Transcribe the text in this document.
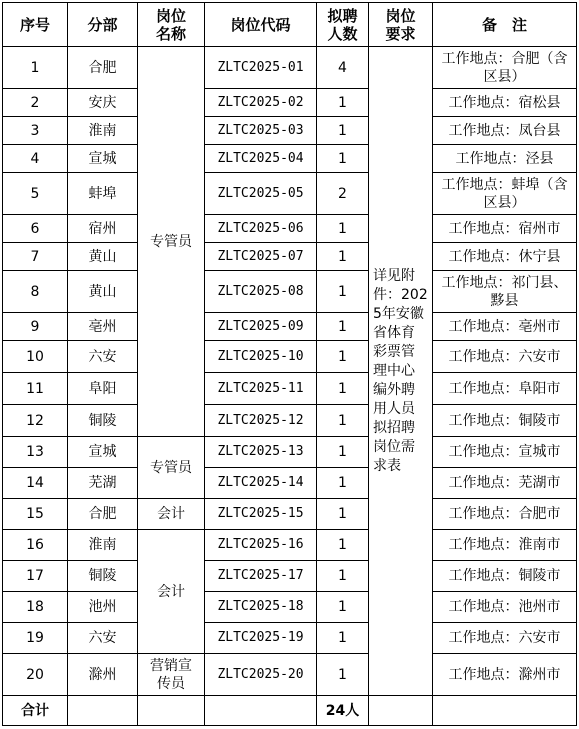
序号	分部	岗位名称	岗位代码	拟聘人数	岗位要求	备　注
1	合肥	专管员	ZLTC2025-01	4	详见附件：2025年安徽省体育彩票管理中心编外聘用人员拟招聘岗位需求表	工作地点：合肥（含区县）
2	安庆		ZLTC2025-02	1		工作地点：宿松县
3	淮南		ZLTC2025-03	1		工作地点：凤台县
4	宣城		ZLTC2025-04	1		工作地点：泾县
5	蚌埠		ZLTC2025-05	2		工作地点：蚌埠（含区县）
6	宿州		ZLTC2025-06	1		工作地点：宿州市
7	黄山		ZLTC2025-07	1		工作地点：休宁县
8	黄山		ZLTC2025-08	1		工作地点：祁门县、黟县
9	亳州		ZLTC2025-09	1		工作地点：亳州市
10	六安		ZLTC2025-10	1		工作地点：六安市
11	阜阳		ZLTC2025-11	1		工作地点：阜阳市
12	铜陵		ZLTC2025-12	1		工作地点：铜陵市
13	宣城	专管员	ZLTC2025-13	1		工作地点：宣城市
14	芜湖		ZLTC2025-14	1		工作地点：芜湖市
15	合肥	会计	ZLTC2025-15	1		工作地点：合肥市
16	淮南	会计	ZLTC2025-16	1		工作地点：淮南市
17	铜陵		ZLTC2025-17	1		工作地点：铜陵市
18	池州		ZLTC2025-18	1		工作地点：池州市
19	六安		ZLTC2025-19	1		工作地点：六安市
20	滁州	营销宣传员	ZLTC2025-20	1		工作地点：滁州市
合计				24人		
